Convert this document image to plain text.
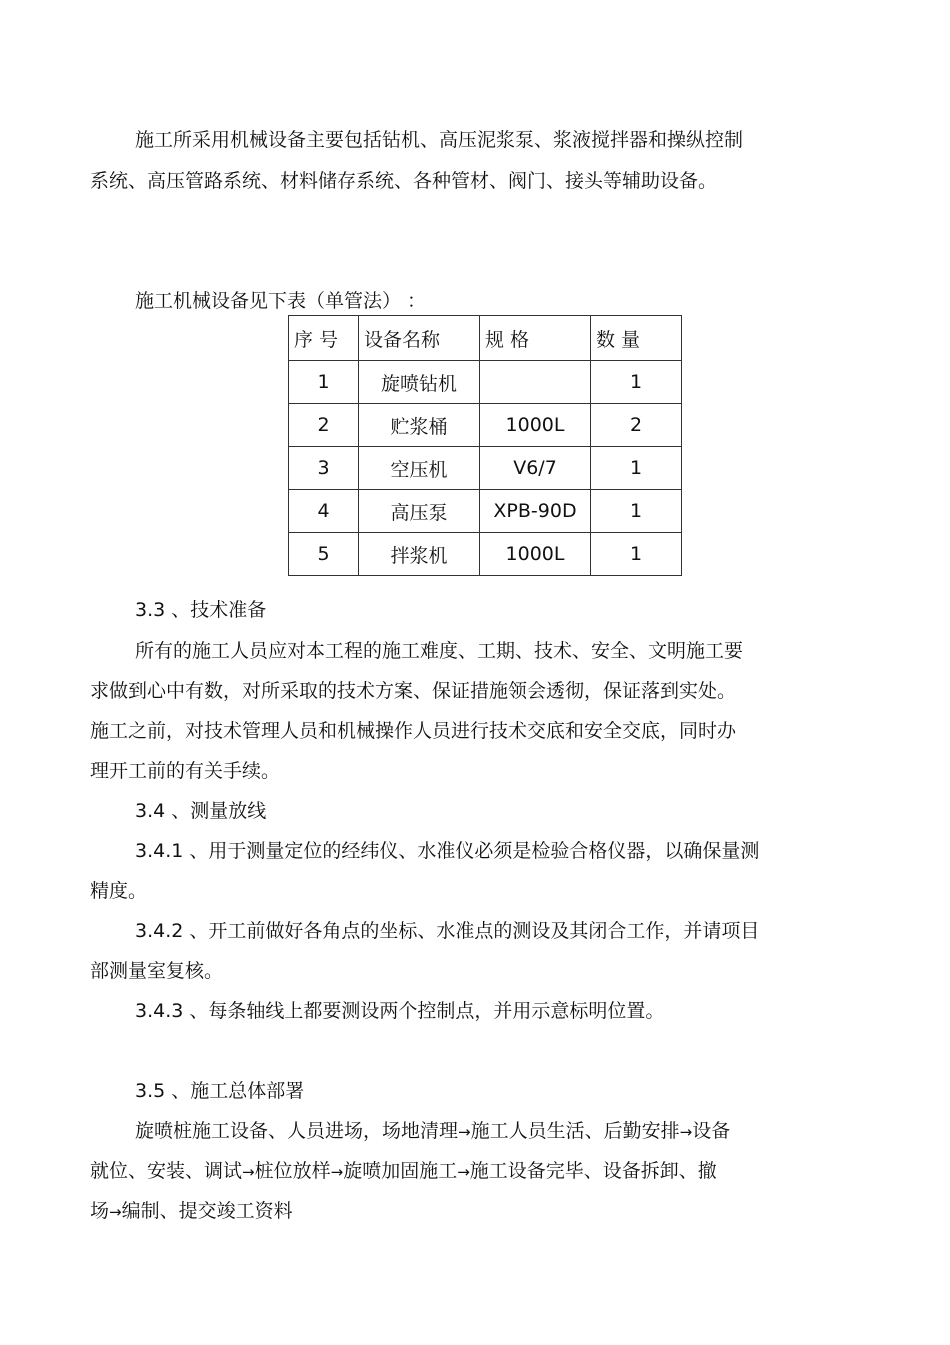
施工所采用机械设备主要包括钻机、高压泥浆泵、浆液搅拌器和操纵控制
系统、高压管路系统、材料储存系统、各种管材、阀门、接头等辅助设备。
施工机械设备见下表（单管法） ：
序 号	设备名称	规 格	数 量
1	旋喷钻机		1
2	贮浆桶	1000L	2
3	空压机	V6/7	1
4	高压泵	XPB-90D	1
5	拌浆机	1000L	1
3.3 、技术准备
所有的施工人员应对本工程的施工难度、工期、技术、安全、文明施工要
求做到心中有数，对所采取的技术方案、保证措施领会透彻，保证落到实处。
施工之前，对技术管理人员和机械操作人员进行技术交底和安全交底，同时办
理开工前的有关手续。
3.4 、测量放线
3.4.1 、用于测量定位的经纬仪、水准仪必须是检验合格仪器，以确保量测
精度。
3.4.2 、开工前做好各角点的坐标、水准点的测设及其闭合工作，并请项目
部测量室复核。
3.4.3 、每条轴线上都要测设两个控制点，并用示意标明位置。
3.5 、施工总体部署
旋喷桩施工设备、人员进场，场地清理→施工人员生活、后勤安排→设备
就位、安装、调试→桩位放样→旋喷加固施工→施工设备完毕、设备拆卸、撤
场→编制、提交竣工资料
